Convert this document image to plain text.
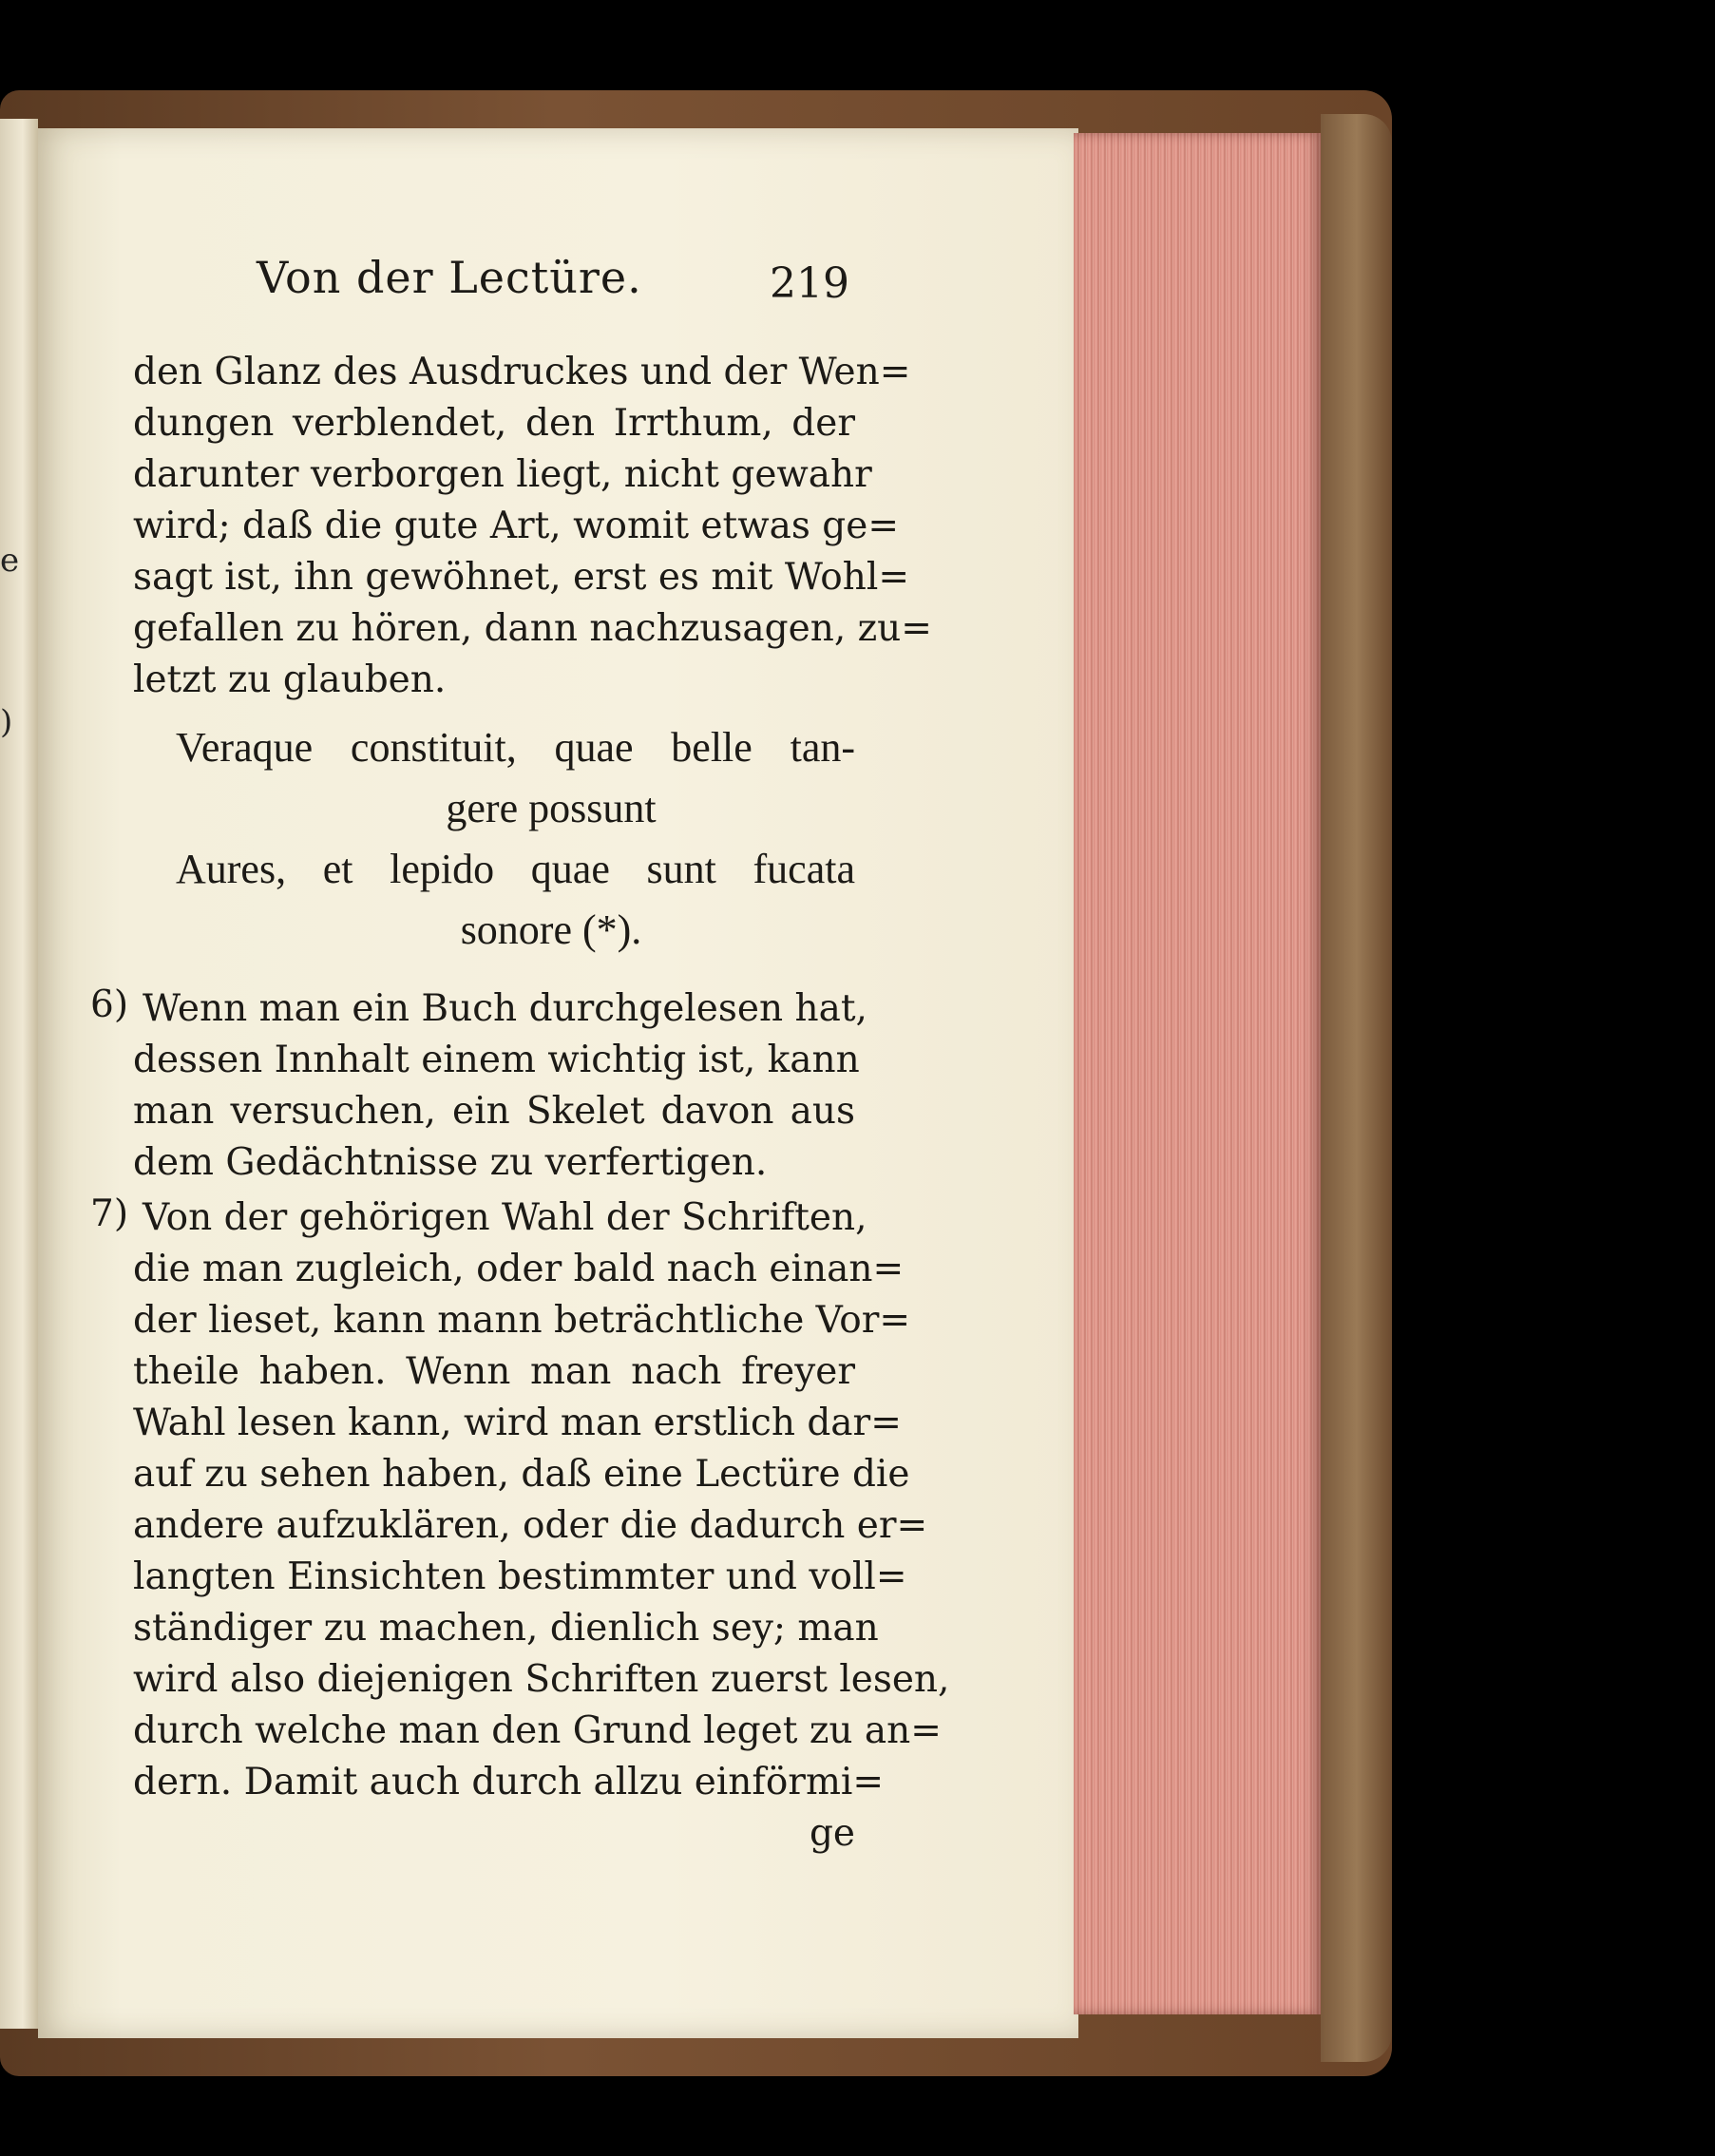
e
)
Von der Lectüre.	219
den Glanz des Ausdruckes und der Wen=
dungen verblendet, den Irrthum, der
darunter verborgen liegt, nicht gewahr
wird; daß die gute Art, womit etwas ge=
sagt ist, ihn gewöhnet, erst es mit Wohl=
gefallen zu hören, dann nachzusagen, zu=
letzt zu glauben.
Veraque constituit, quae belle tan-
gere possunt
Aures, et lepido quae sunt fucata
sonore (*).
6) Wenn man ein Buch durchgelesen hat,
dessen Innhalt einem wichtig ist, kann
man versuchen, ein Skelet davon aus
dem Gedächtnisse zu verfertigen.
7) Von der gehörigen Wahl der Schriften,
die man zugleich, oder bald nach einan=
der lieset, kann mann beträchtliche Vor=
theile haben. Wenn man nach freyer
Wahl lesen kann, wird man erstlich dar=
auf zu sehen haben, daß eine Lectüre die
andere aufzuklären, oder die dadurch er=
langten Einsichten bestimmter und voll=
ständiger zu machen, dienlich sey; man
wird also diejenigen Schriften zuerst lesen,
durch welche man den Grund leget zu an=
dern. Damit auch durch allzu einförmi=
ge
